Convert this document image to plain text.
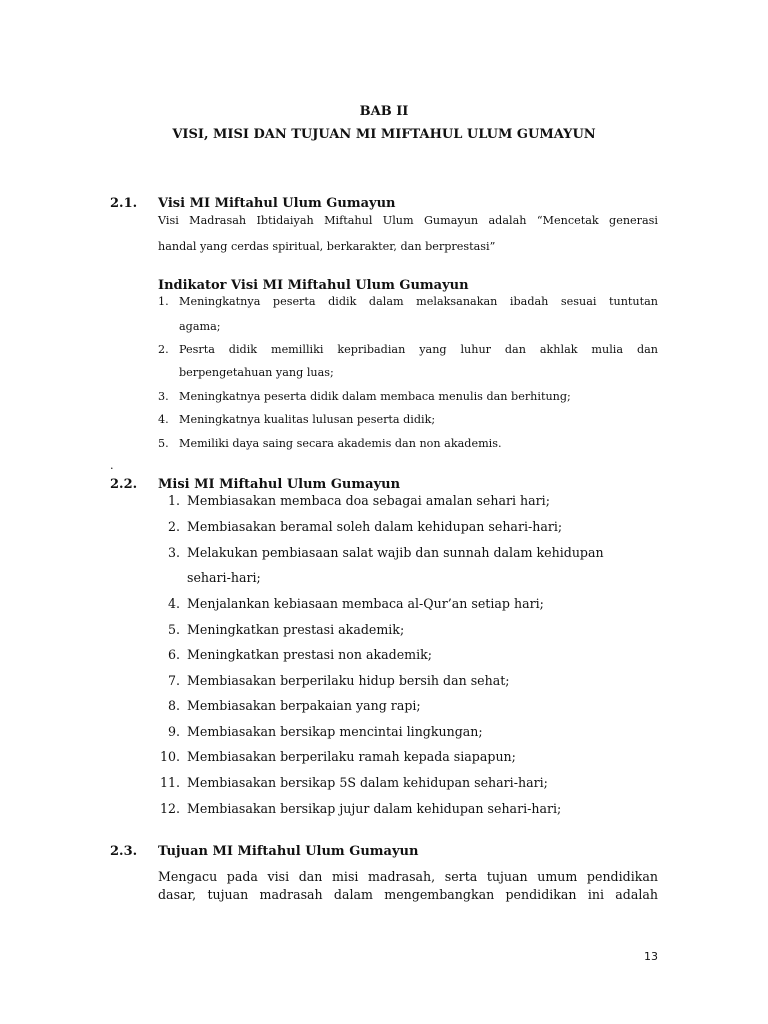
BAB II
VISI, MISI DAN TUJUAN MI MIFTAHUL ULUM GUMAYUN
2.1. Visi MI Miftahul Ulum Gumayun
Visi Madrasah Ibtidaiyah Miftahul Ulum Gumayun adalah “Mencetak generasi
handal yang cerdas spiritual, berkarakter, dan berprestasi”
Indikator Visi MI Miftahul Ulum Gumayun
1. Meningkatnya peserta didik dalam melaksanakan ibadah sesuai tuntutan
agama;
2. Pesrta didik memilliki kepribadian yang luhur dan akhlak mulia dan
berpengetahuan yang luas;
3. Meningkatnya peserta didik dalam membaca menulis dan berhitung;
4. Meningkatnya kualitas lulusan peserta didik;
5. Memiliki daya saing secara akademis dan non akademis.
.
2.2. Misi MI Miftahul Ulum Gumayun
1. Membiasakan membaca doa sebagai amalan sehari hari;
2. Membiasakan beramal soleh dalam kehidupan sehari-hari;
3. Melakukan pembiasaan salat wajib dan sunnah dalam kehidupan
sehari-hari;
4. Menjalankan kebiasaan membaca al-Qur’an setiap hari;
5. Meningkatkan prestasi akademik;
6. Meningkatkan prestasi non akademik;
7. Membiasakan berperilaku hidup bersih dan sehat;
8. Membiasakan berpakaian yang rapi;
9. Membiasakan bersikap mencintai lingkungan;
10. Membiasakan berperilaku ramah kepada siapapun;
11. Membiasakan bersikap 5S dalam kehidupan sehari-hari;
12. Membiasakan bersikap jujur dalam kehidupan sehari-hari;
2.3. Tujuan MI Miftahul Ulum Gumayun
Mengacu pada visi dan misi madrasah, serta tujuan umum pendidikan
dasar, tujuan madrasah dalam mengembangkan pendidikan ini adalah
13
